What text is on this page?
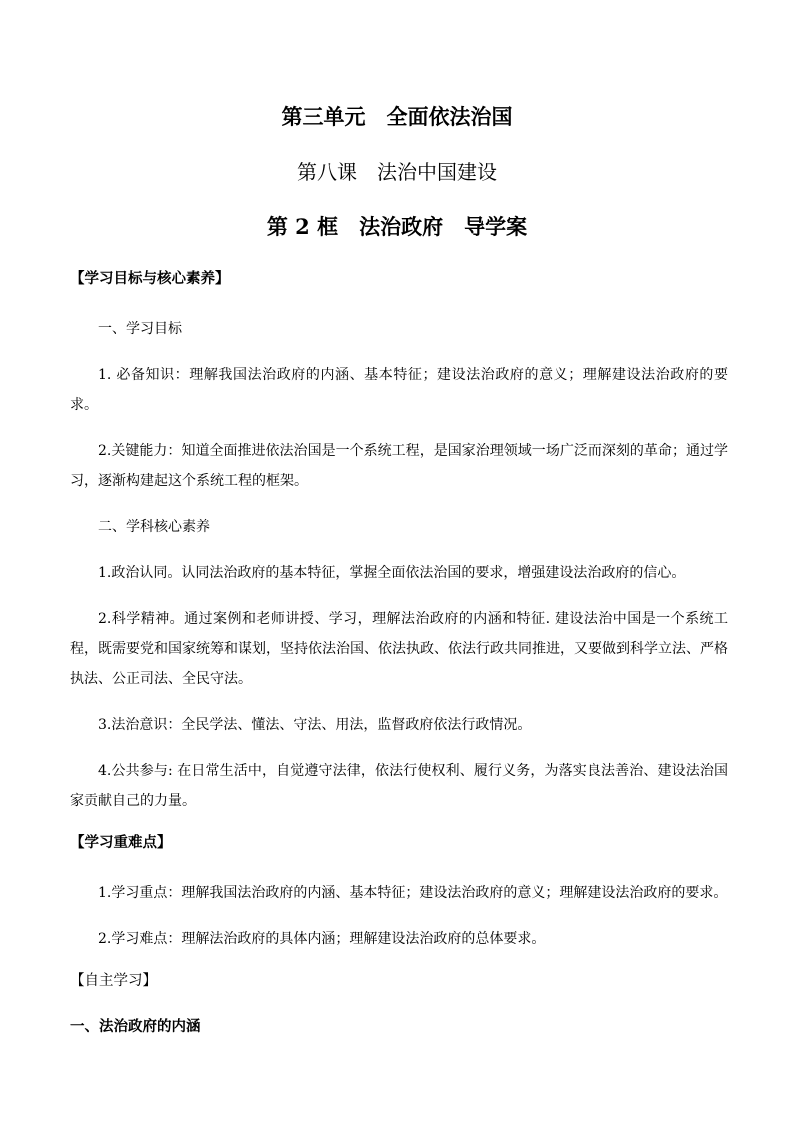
第三单元　全面依法治国
第八课　法治中国建设
第 2 框　法治政府　导学案
【学习目标与核心素养】
一、学习目标
1. 必备知识：理解我国法治政府的内涵、基本特征；建设法治政府的意义；理解建设法治政府的要求。
2.关键能力：知道全面推进依法治国是一个系统工程，是国家治理领域一场广泛而深刻的革命；通过学习，逐渐构建起这个系统工程的框架。
二、学科核心素养
1.政治认同。认同法治政府的基本特征，掌握全面依法治国的要求，增强建设法治政府的信心。
2.科学精神。通过案例和老师讲授、学习，理解法治政府的内涵和特征. 建设法治中国是一个系统工程，既需要党和国家统筹和谋划，坚持依法治国、依法执政、依法行政共同推进，又要做到科学立法、严格执法、公正司法、全民守法。
3.法治意识：全民学法、懂法、守法、用法，监督政府依法行政情况。
4.公共参与: 在日常生活中，自觉遵守法律，依法行使权利、履行义务，为落实良法善治、建设法治国家贡献自己的力量。
【学习重难点】
1.学习重点：理解我国法治政府的内涵、基本特征；建设法治政府的意义；理解建设法治政府的要求。
2.学习难点：理解法治政府的具体内涵；理解建设法治政府的总体要求。
【自主学习】
一、法治政府的内涵
